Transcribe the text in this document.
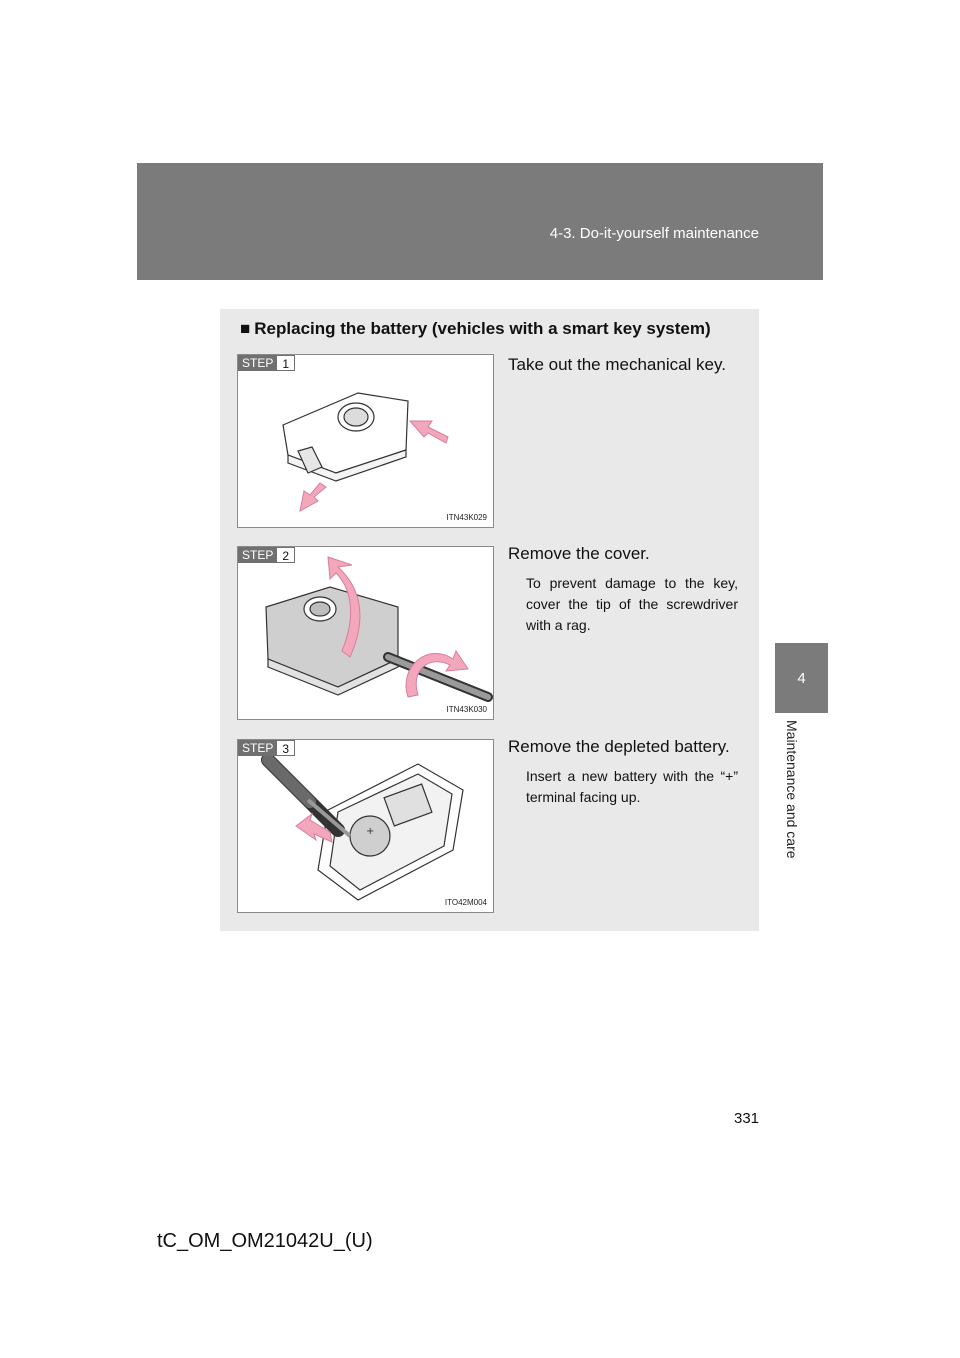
4-3. Do-it-yourself maintenance
4
Maintenance and care
■ Replacing the battery (vehicles with a smart key system)
STEP 1
ITN43K029
Take out the mechanical key.
STEP 2
ITN43K030
Remove the cover.
To prevent damage to the key, cover the tip of the screwdriver with a rag.
+
STEP 3
ITO42M004
Remove the depleted battery.
Insert a new battery with the “+” terminal facing up.
331
tC_OM_OM21042U_(U)
